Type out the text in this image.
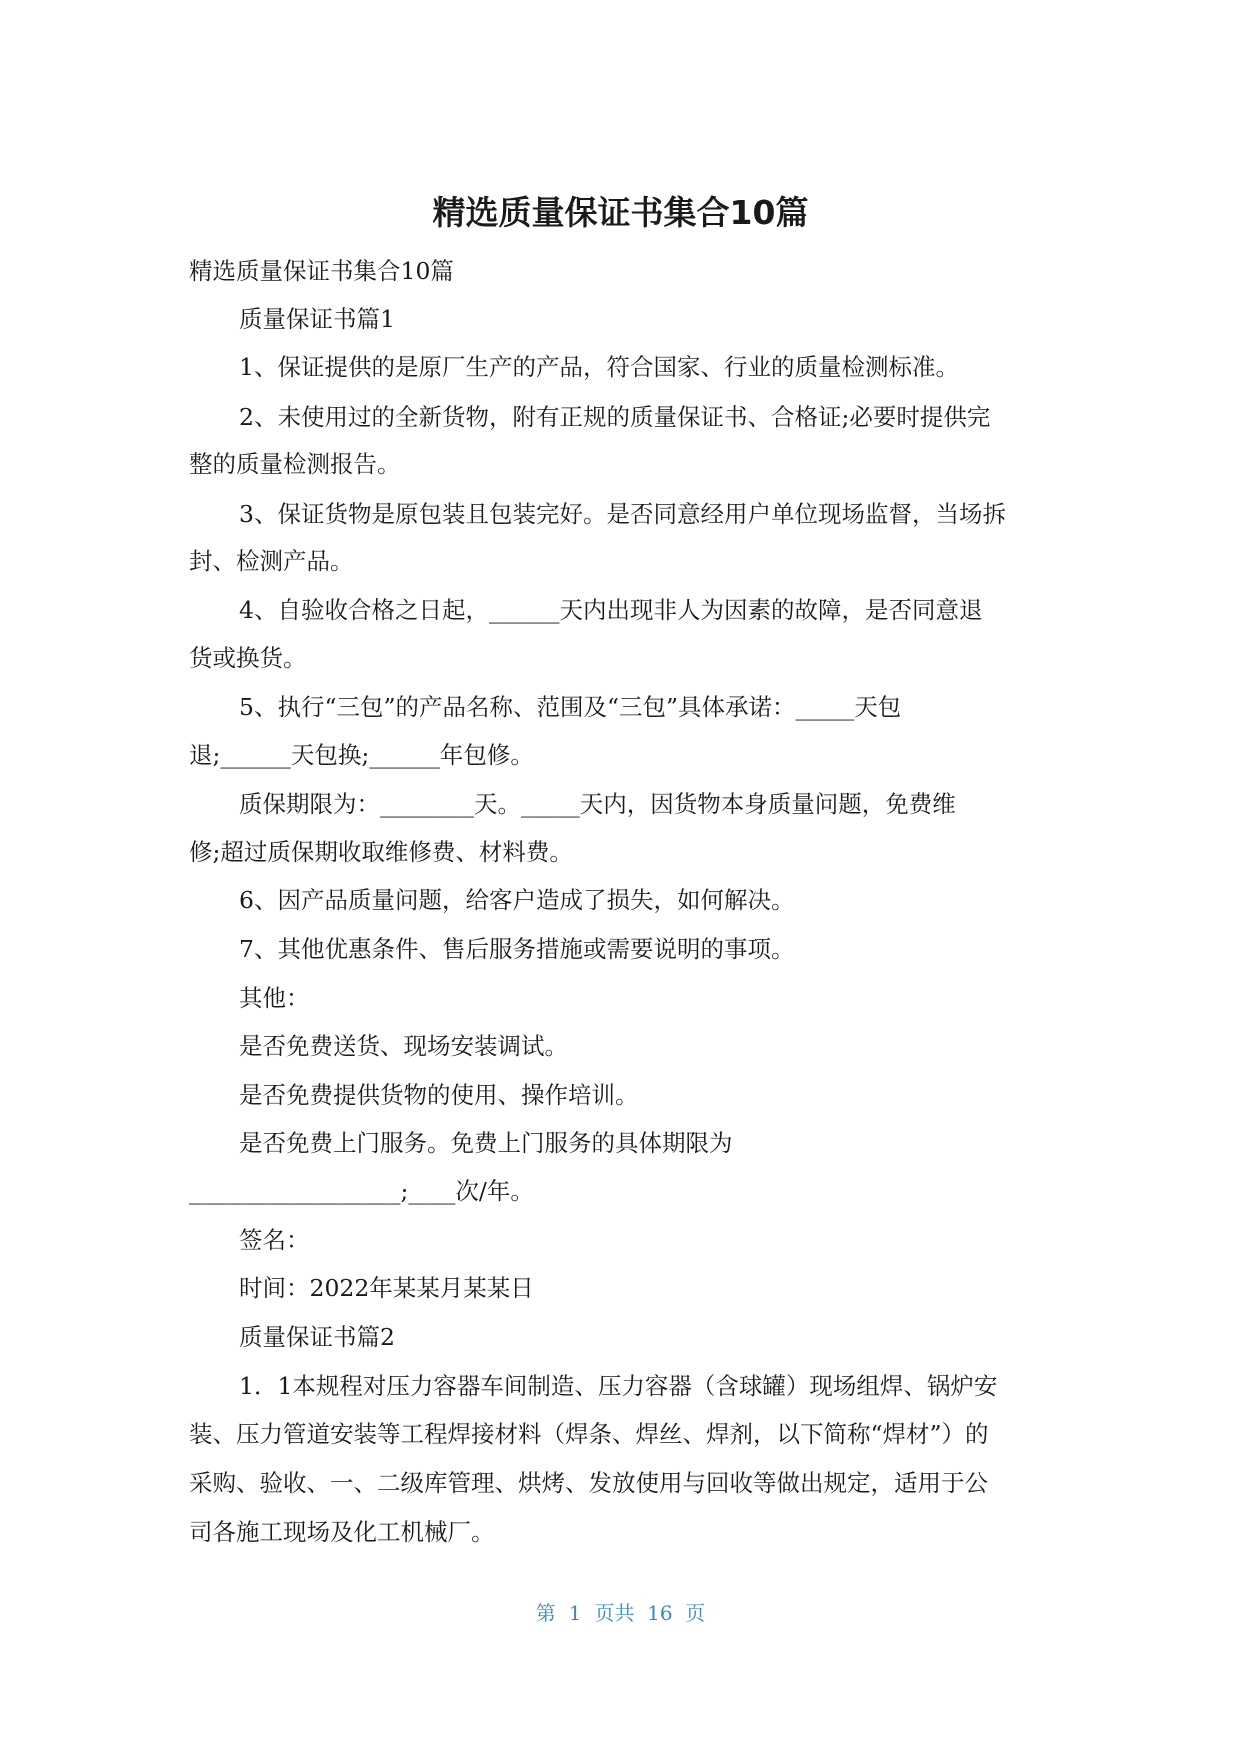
精选质量保证书集合10篇
精选质量保证书集合10篇
质量保证书篇1
1、保证提供的是原厂生产的产品，符合国家、行业的质量检测标准。
2、未使用过的全新货物，附有正规的质量保证书、合格证;必要时提供完
整的质量检测报告。
3、保证货物是原包装且包装完好。是否同意经用户单位现场监督，当场拆
封、检测产品。
4、自验收合格之日起，______天内出现非人为因素的故障，是否同意退
货或换货。
5、执行“三包”的产品名称、范围及“三包”具体承诺：_____天包
退;______天包换;______年包修。
质保期限为：________天。_____天内，因货物本身质量问题，免费维
修;超过质保期收取维修费、材料费。
6、因产品质量问题，给客户造成了损失，如何解决。
7、其他优惠条件、售后服务措施或需要说明的事项。
其他：
是否免费送货、现场安装调试。
是否免费提供货物的使用、操作培训。
是否免费上门服务。免费上门服务的具体期限为
__________________;____次/年。
签名：
时间：2022年某某月某某日
质量保证书篇2
1．1本规程对压力容器车间制造、压力容器（含球罐）现场组焊、锅炉安
装、压力管道安装等工程焊接材料（焊条、焊丝、焊剂，以下简称“焊材”）的
采购、验收、一、二级库管理、烘烤、发放使用与回收等做出规定，适用于公
司各施工现场及化工机械厂。
第 1 页共 16 页
